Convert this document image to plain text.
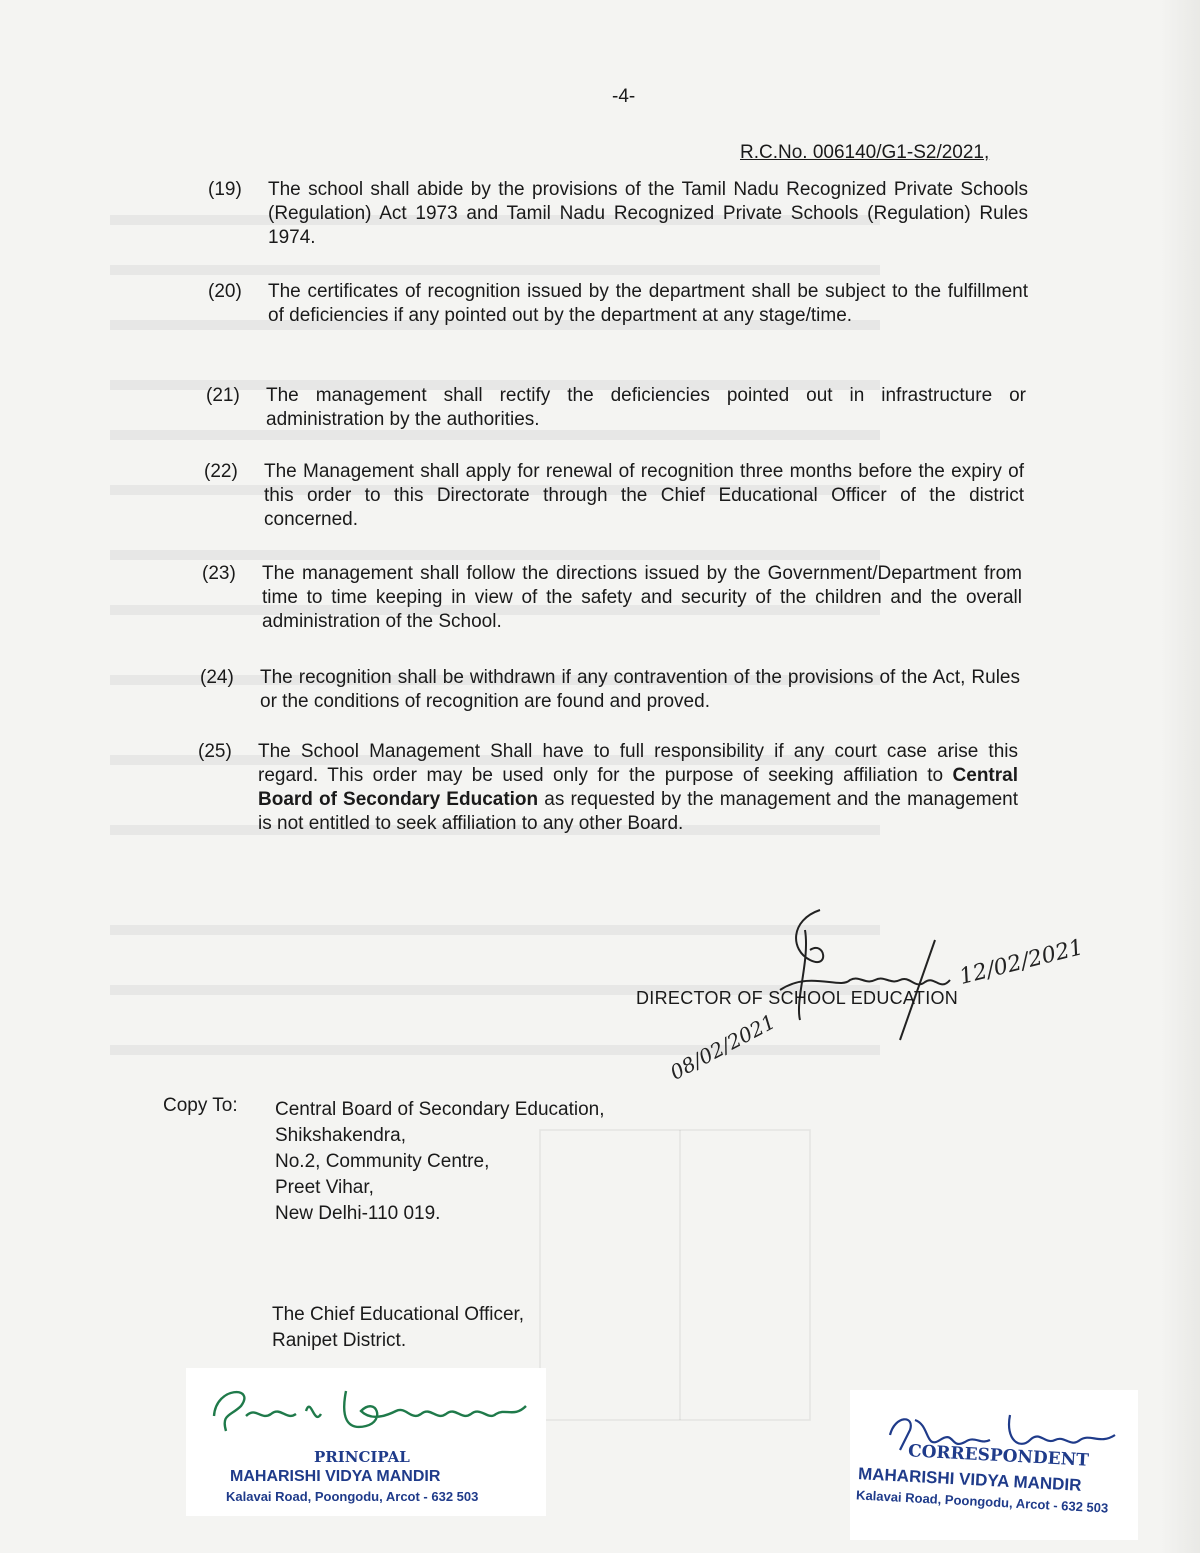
-4-
R.C.No. 006140/G1-S2/2021,
(19)	The school shall abide by the provisions of the Tamil Nadu Recognized Private Schools (Regulation) Act 1973 and Tamil Nadu Recognized Private Schools (Regulation) Rules 1974.
(20)	The certificates of recognition issued by the department shall be subject to the fulfillment of deficiencies if any pointed out by the department at any stage/time.
(21)	The management shall rectify the deficiencies pointed out in infrastructure or administration by the authorities.
(22)	The Management shall apply for renewal of recognition three months before the expiry of this order to this Directorate through the Chief Educational Officer of the district concerned.
(23)	The management shall follow the directions issued by the Government/Department from time to time keeping in view of the safety and security of the children and the overall administration of the School.
(24)	The recognition shall be withdrawn if any contravention of the provisions of the Act, Rules or the conditions of recognition are found and proved.
(25)	The School Management Shall have to full responsibility if any court case arise this regard. This order may be used only for the purpose of seeking affiliation to Central Board of Secondary Education as requested by the management and the management is not entitled to seek affiliation to any other Board.
12/02/2021
DIRECTOR OF SCHOOL EDUCATION
08/02/2021
Copy To: Central Board of Secondary Education,
Shikshakendra,
No.2, Community Centre,
Preet Vihar,
New Delhi-110 019.
The Chief Educational Officer,
Ranipet District.
PRINCIPAL
MAHARISHI VIDYA MANDIR
Kalavai Road, Poongodu, Arcot - 632 503
CORRESPONDENT
MAHARISHI VIDYA MANDIR
Kalavai Road, Poongodu, Arcot - 632 503
